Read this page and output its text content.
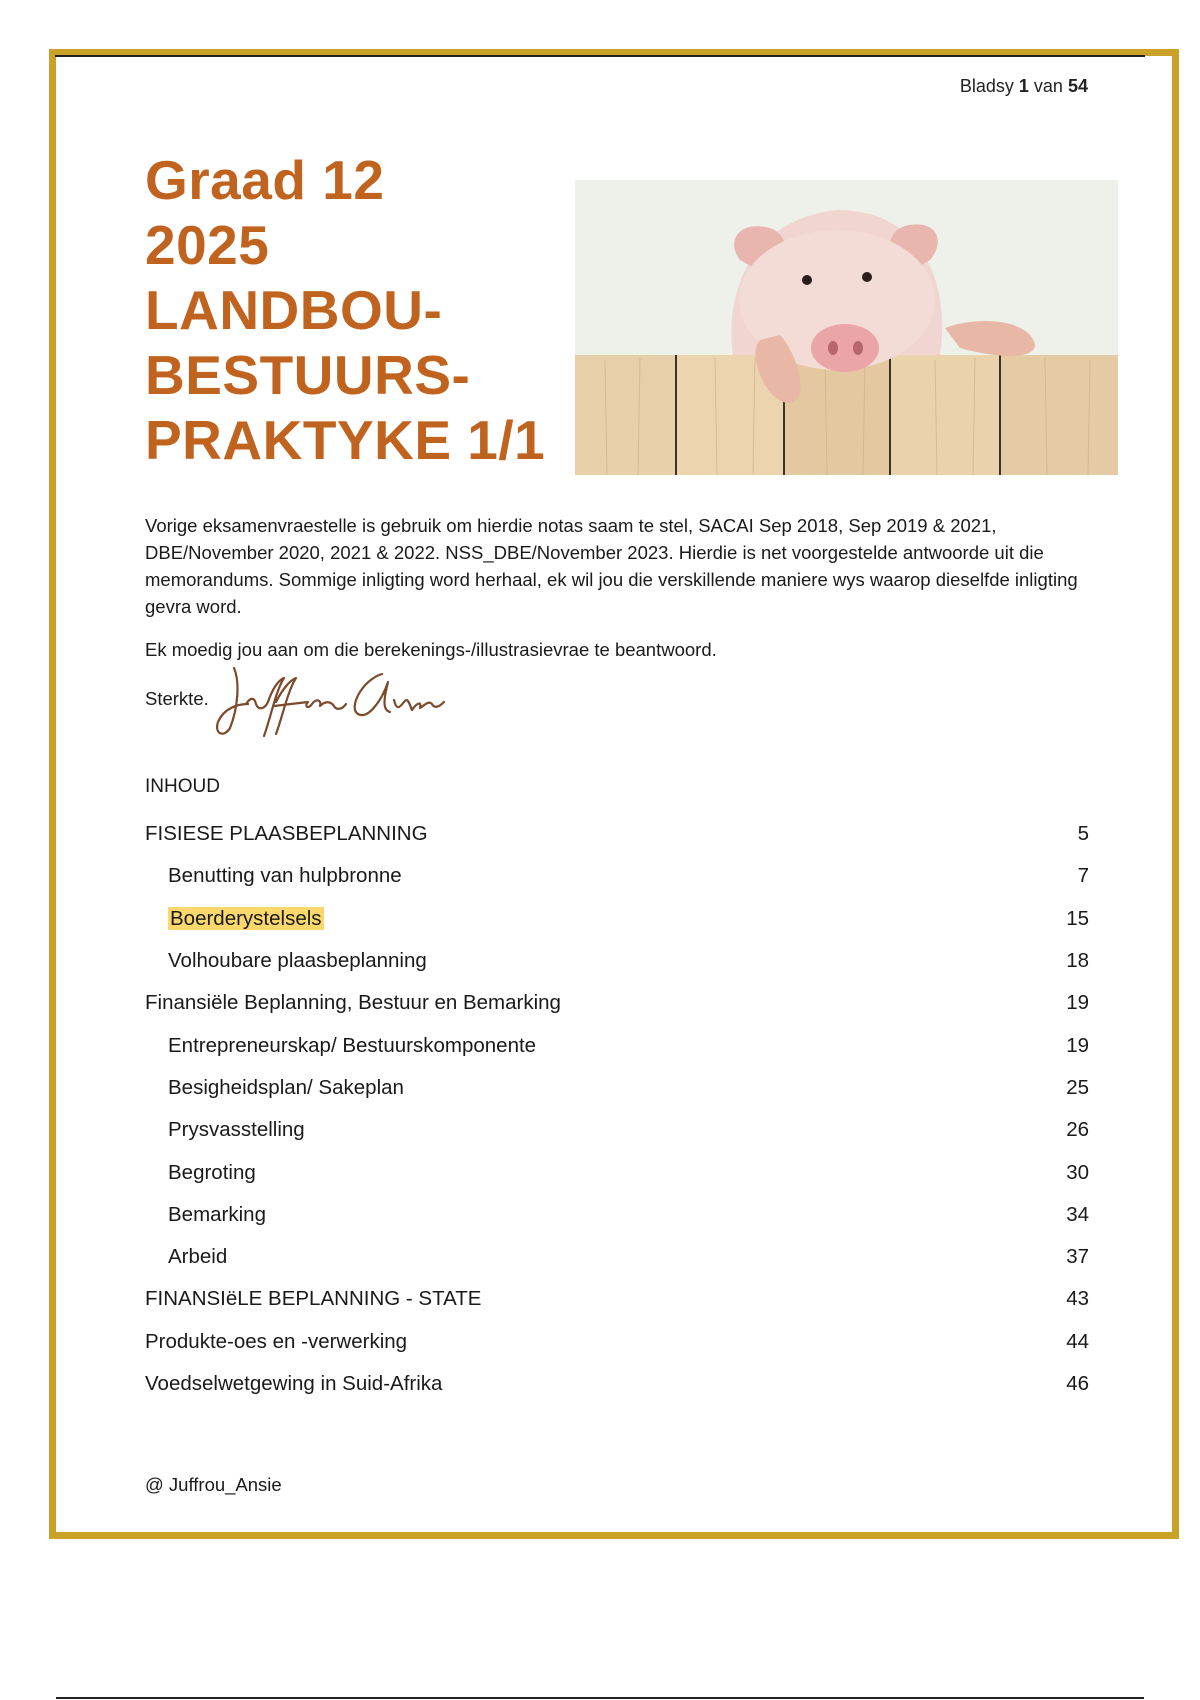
Bladsy 1 van 54
Graad 12
2025
LANDBOU-
BESTUURS-
PRAKTYKE 1/1

Vorige eksamenvraestelle is gebruik om hierdie notas saam te stel, SACAI Sep 2018, Sep 2019 & 2021, DBE/November 2020, 2021 & 2022. NSS_DBE/November 2023. Hierdie is net voorgestelde antwoorde uit die memorandums. Sommige inligting word herhaal, ek wil jou die verskillende maniere wys waarop dieselfde inligting gevra word.

Ek moedig jou aan om die berekenings-/illustrasievrae te beantwoord.
Sterkte.
INHOUD
FISIESE PLAASBEPLANNING	5
Benutting van hulpbronne	7
Boerderystelsels	15
Volhoubare plaasbeplanning	18
Finansiële Beplanning, Bestuur en Bemarking	19
Entrepreneurskap/ Bestuurskomponente	19
Besigheidsplan/ Sakeplan	25
Prysvasstelling	26
Begroting	30
Bemarking	34
Arbeid	37
FINANSIëLE BEPLANNING - STATE	43
Produkte-oes en -verwerking	44
Voedselwetgewing in Suid-Afrika	46
@ Juffrou_Ansie
